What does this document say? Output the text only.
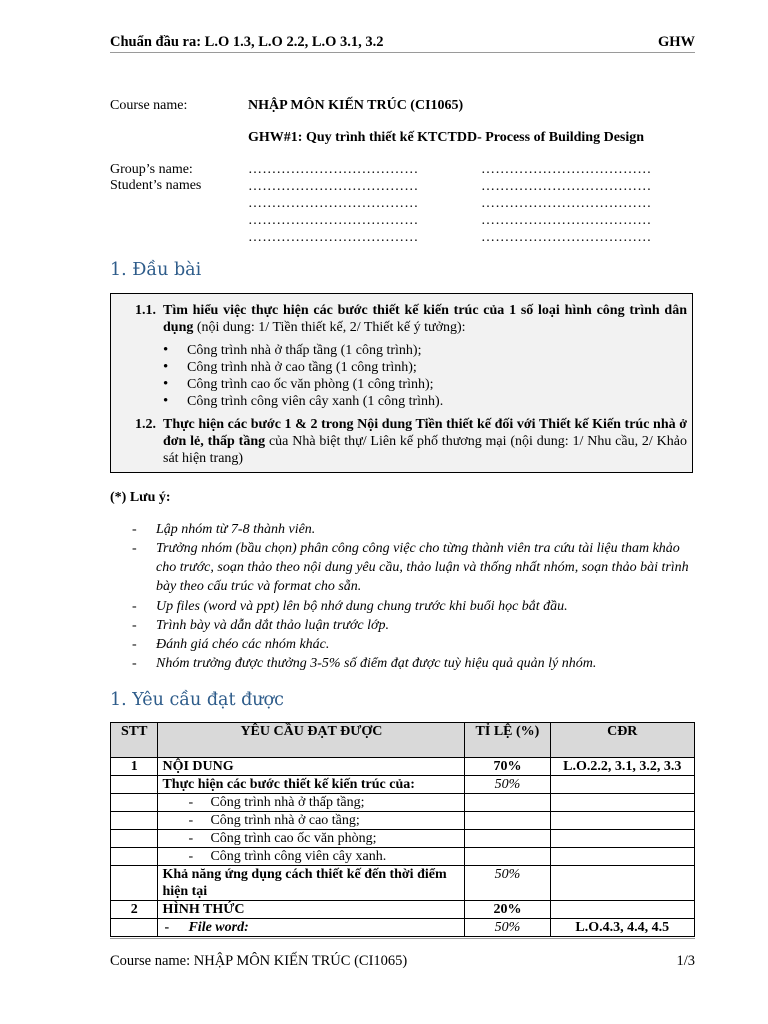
Chuẩn đầu ra: L.O 1.3, L.O 2.2, L.O 3.1, 3.2	GHW
Course name:	NHẬP MÔN KIẾN TRÚC (CI1065)
GHW#1: Quy trình thiết kế KTCTDD- Process of Building Design
Group’s name:
Student’s names
………………………………	………………………………
………………………………	………………………………
………………………………	………………………………
………………………………	………………………………
………………………………	………………………………
1. Đầu bài
1.1. Tìm hiểu việc thực hiện các bước thiết kế kiến trúc của 1 số loại hình công trình dân dụng (nội dung: 1/ Tiền thiết kế, 2/ Thiết kế ý tưởng):
• Công trình nhà ở thấp tầng (1 công trình);
• Công trình nhà ở cao tầng (1 công trình);
• Công trình cao ốc văn phòng (1 công trình);
• Công trình công viên cây xanh (1 công trình).
1.2. Thực hiện các bước 1 & 2 trong Nội dung Tiền thiết kế đối với Thiết kế Kiến trúc nhà ở đơn lẻ, thấp tầng của Nhà biệt thự/ Liên kế phố thương mại (nội dung: 1/ Nhu cầu, 2/ Khảo sát hiện trang)
(*) Lưu ý:
- Lập nhóm từ 7-8 thành viên.
- Trưởng nhóm (bầu chọn) phân công công việc cho từng thành viên tra cứu tài liệu tham khảo cho trước, soạn thảo theo nội dung yêu cầu, thảo luận và thống nhất nhóm, soạn thảo bài trình bày theo cấu trúc và format cho sẵn.
- Up files (word và ppt) lên bộ nhớ dung chung trước khi buổi học bắt đầu.
- Trình bày và dẫn dắt thảo luận trước lớp.
- Đánh giá chéo các nhóm khác.
- Nhóm trưởng được thưởng 3-5% số điểm đạt được tuỳ hiệu quả quản lý nhóm.
1. Yêu cầu đạt được
STT	YÊU CẦU ĐẠT ĐƯỢC	TỈ LỆ (%)	CĐR
1	NỘI DUNG	70%	L.O.2.2, 3.1, 3.2, 3.3
	Thực hiện các bước thiết kế kiến trúc của:	50%	
	- Công trình nhà ở thấp tầng;		
	- Công trình nhà ở cao tầng;		
	- Công trình cao ốc văn phòng;		
	- Công trình công viên cây xanh.		
	Khả năng ứng dụng cách thiết kế đến thời điểm hiện tại	50%	
2	HÌNH THỨC	20%	
	- File word:	50%	L.O.4.3, 4.4, 4.5
Course name: NHẬP MÔN KIẾN TRÚC (CI1065)	1/3
